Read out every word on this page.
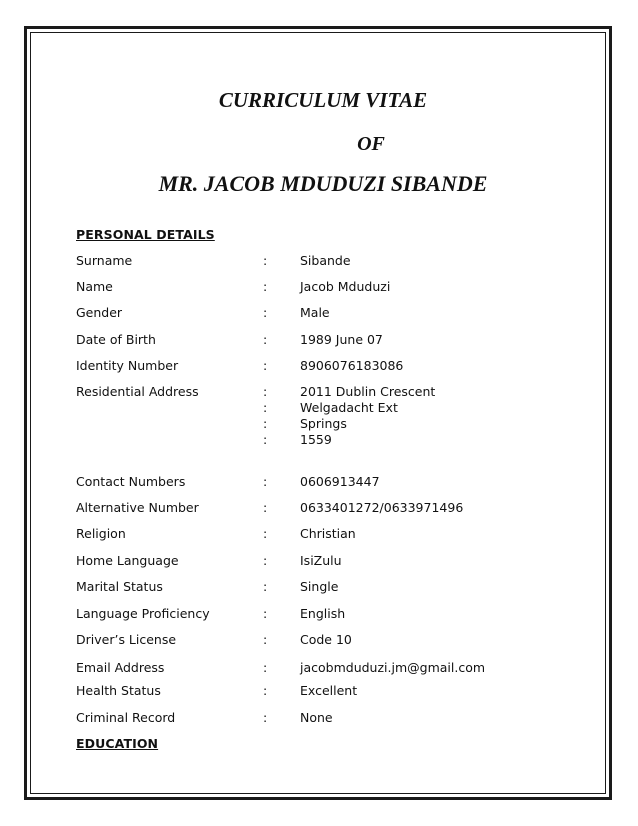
CURRICULUM VITAE
OF
MR. JACOB MDUDUZI SIBANDE
PERSONAL DETAILS
Surname	:	Sibande
Name	:	Jacob Mduduzi
Gender	:	Male
Date of Birth	:	1989 June 07
Identity Number	:	8906076183086
Residential Address	:	2011 Dublin Crescent
:	Welgadacht Ext
:	Springs
:	1559
Contact Numbers	:	0606913447
Alternative Number	:	0633401272/0633971496
Religion	:	Christian
Home Language	:	IsiZulu
Marital Status	:	Single
Language Proficiency	:	English
Driver’s License	:	Code 10
Email Address	:	jacobmduduzi.jm@gmail.com
Health Status	:	Excellent
Criminal Record	:	None
EDUCATION
